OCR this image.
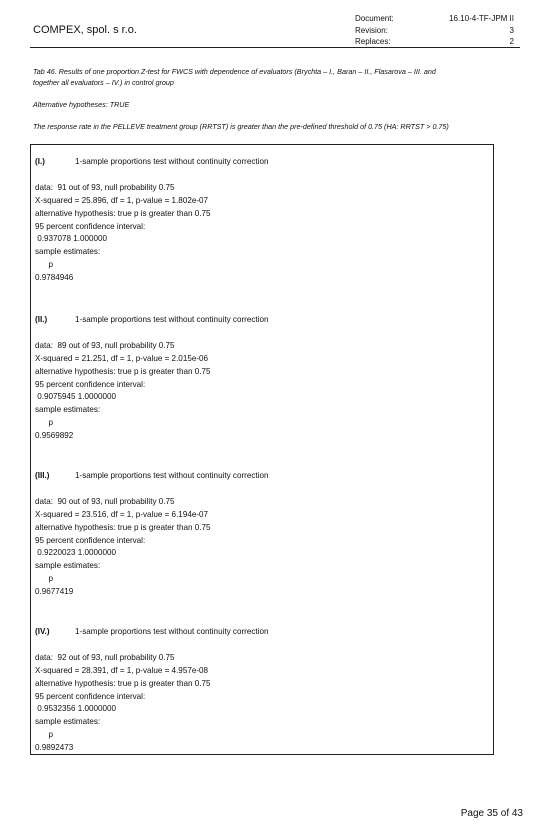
COMPEX, spol. s r.o.
Document:	16.10-4-TF-JPM II
Revision:	3
Replaces:	2
Tab 46. Results of one proportion Z-test for FWCS with dependence of evaluators (Brychta – I., Baran – II., Flasarova – III. and
together all evaluators – IV.) in control group
Alternative hypotheses: TRUE
The response rate in the PELLEVE treatment group (RRTST) is greater than the pre-defined threshold of 0.75 (HA: RRTST > 0.75)
(I.)	1-sample proportions test without continuity correction
data:  91 out of 93, null probability 0.75
X-squared = 25.896, df = 1, p-value = 1.802e-07
alternative hypothesis: true p is greater than 0.75
95 percent confidence interval:
0.937078 1.000000
sample estimates:
p
0.9784946
(II.)	1-sample proportions test without continuity correction
data:  89 out of 93, null probability 0.75
X-squared = 21.251, df = 1, p-value = 2.015e-06
alternative hypothesis: true p is greater than 0.75
95 percent confidence interval:
0.9075945 1.0000000
sample estimates:
p
0.9569892
(III.)	1-sample proportions test without continuity correction
data:  90 out of 93, null probability 0.75
X-squared = 23.516, df = 1, p-value = 6.194e-07
alternative hypothesis: true p is greater than 0.75
95 percent confidence interval:
0.9220023 1.0000000
sample estimates:
p
0.9677419
(IV.)	1-sample proportions test without continuity correction
data:  92 out of 93, null probability 0.75
X-squared = 28.391, df = 1, p-value = 4.957e-08
alternative hypothesis: true p is greater than 0.75
95 percent confidence interval:
0.9532356 1.0000000
sample estimates:
p
0.9892473
Page 35 of 43
